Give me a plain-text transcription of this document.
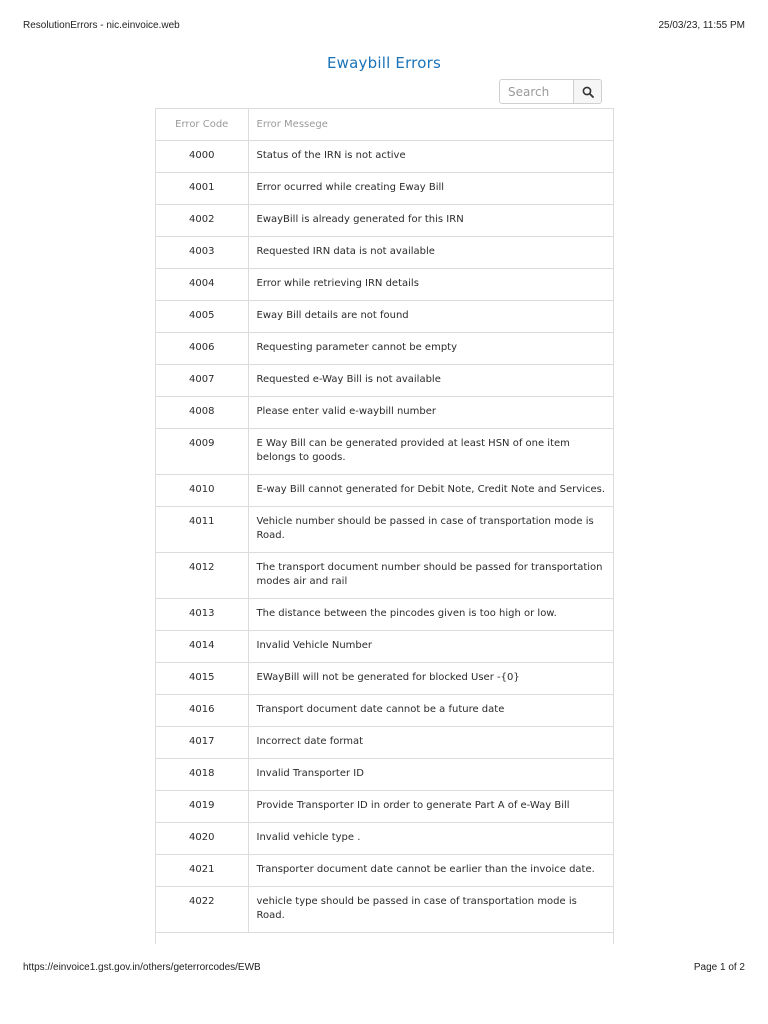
ResolutionErrors - nic.einvoice.web	25/03/23, 11:55 PM
Ewaybill Errors
Search
Error Code	Error Messege
4000	Status of the IRN is not active
4001	Error ocurred while creating Eway Bill
4002	EwayBill is already generated for this IRN
4003	Requested IRN data is not available
4004	Error while retrieving IRN details
4005	Eway Bill details are not found
4006	Requesting parameter cannot be empty
4007	Requested e-Way Bill is not available
4008	Please enter valid e-waybill number
4009	E Way Bill can be generated provided at least HSN of one item belongs to goods.
4010	E-way Bill cannot generated for Debit Note, Credit Note and Services.
4011	Vehicle number should be passed in case of transportation mode is Road.
4012	The transport document number should be passed for transportation modes air and rail
4013	The distance between the pincodes given is too high or low.
4014	Invalid Vehicle Number
4015	EWayBill will not be generated for blocked User -{0}
4016	Transport document date cannot be a future date
4017	Incorrect date format
4018	Invalid Transporter ID
4019	Provide Transporter ID in order to generate Part A of e-Way Bill
4020	Invalid vehicle type .
4021	Transporter document date cannot be earlier than the invoice date.
4022	vehicle type should be passed in case of transportation mode is Road.
https://einvoice1.gst.gov.in/others/geterrorcodes/EWB	Page 1 of 2
